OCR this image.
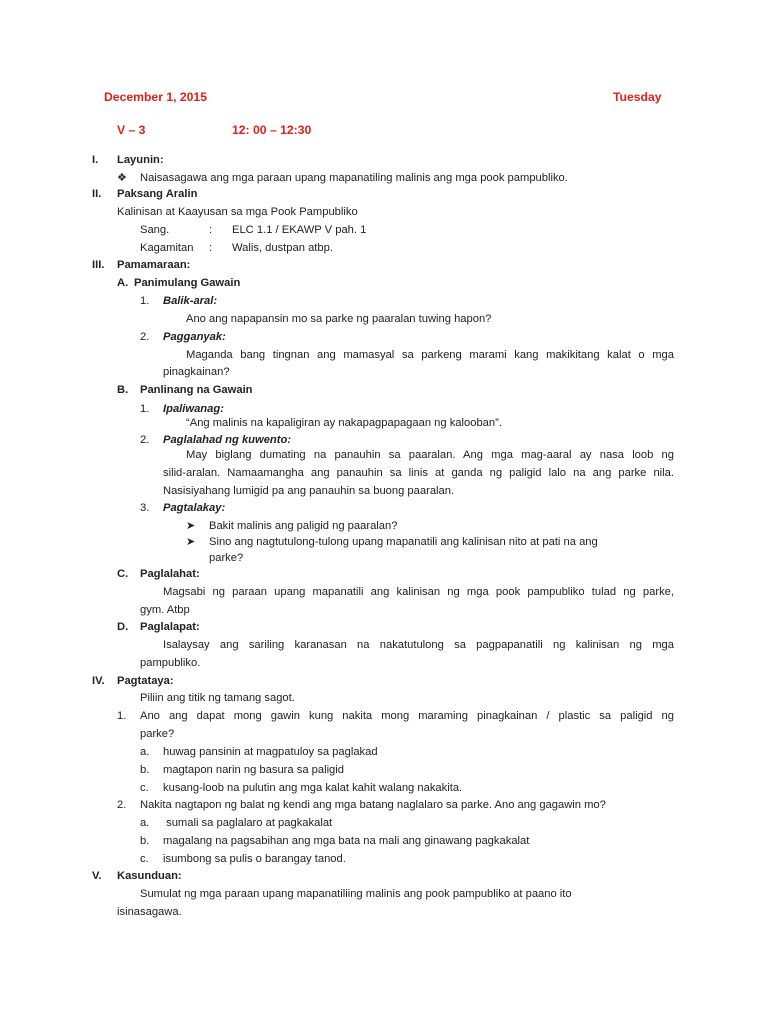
December 1, 2015	Tuesday
V – 3	12: 00 – 12:30
I. Layunin:
❖ Naisasagawa ang mga paraan upang mapanatiling malinis ang mga pook pampubliko.
II. Paksang Aralin
Kalinisan at Kaayusan sa mga Pook Pampubliko
Sang.	: ELC 1.1 / EKAWP V pah. 1
Kagamitan : Walis, dustpan atbp.
III. Pamamaraan:
A. Panimulang Gawain
1. Balik-aral:
Ano ang napapansin mo sa parke ng paaralan tuwing hapon?
2. Pagganyak:
Maganda bang tingnan ang mamasyal sa parkeng marami kang makikitang kalat o mga
pinagkainan?
B. Panlinang na Gawain
1. Ipaliwanag:
“Ang malinis na kapaligiran ay nakapagpapagaan ng kalooban”.
2. Paglalahad ng kuwento:
May biglang dumating na panauhin sa paaralan. Ang mga mag-aaral ay nasa loob ng
silid-aralan. Namaamangha ang panauhin sa linis at ganda ng paligid lalo na ang parke nila.
Nasisiyahang lumigid pa ang panauhin sa buong paaralan.
3. Pagtalakay:
➤ Bakit malinis ang paligid ng paaralan?
➤ Sino ang nagtutulong-tulong upang mapanatili ang kalinisan nito at pati na ang
parke?
C. Paglalahat:
Magsabi ng paraan upang mapanatili ang kalinisan ng mga pook pampubliko tulad ng parke,
gym. Atbp
D. Paglalapat:
Isalaysay ang sariling karanasan na nakatutulong sa pagpapanatili ng kalinisan ng mga
pampubliko.
IV. Pagtataya:
Piliin ang titik ng tamang sagot.
1. Ano ang dapat mong gawin kung nakita mong maraming pinagkainan / plastic sa paligid ng
parke?
a. huwag pansinin at magpatuloy sa paglakad
b. magtapon narin ng basura sa paligid
c. kusang-loob na pulutin ang mga kalat kahit walang nakakita.
2. Nakita nagtapon ng balat ng kendi ang mga batang naglalaro sa parke. Ano ang gagawin mo?
a. sumali sa paglalaro at pagkakalat
b. magalang na pagsabihan ang mga bata na mali ang ginawang pagkakalat
c. isumbong sa pulis o barangay tanod.
V. Kasunduan:
Sumulat ng mga paraan upang mapanatiliing malinis ang pook pampubliko at paano ito
isinasagawa.
